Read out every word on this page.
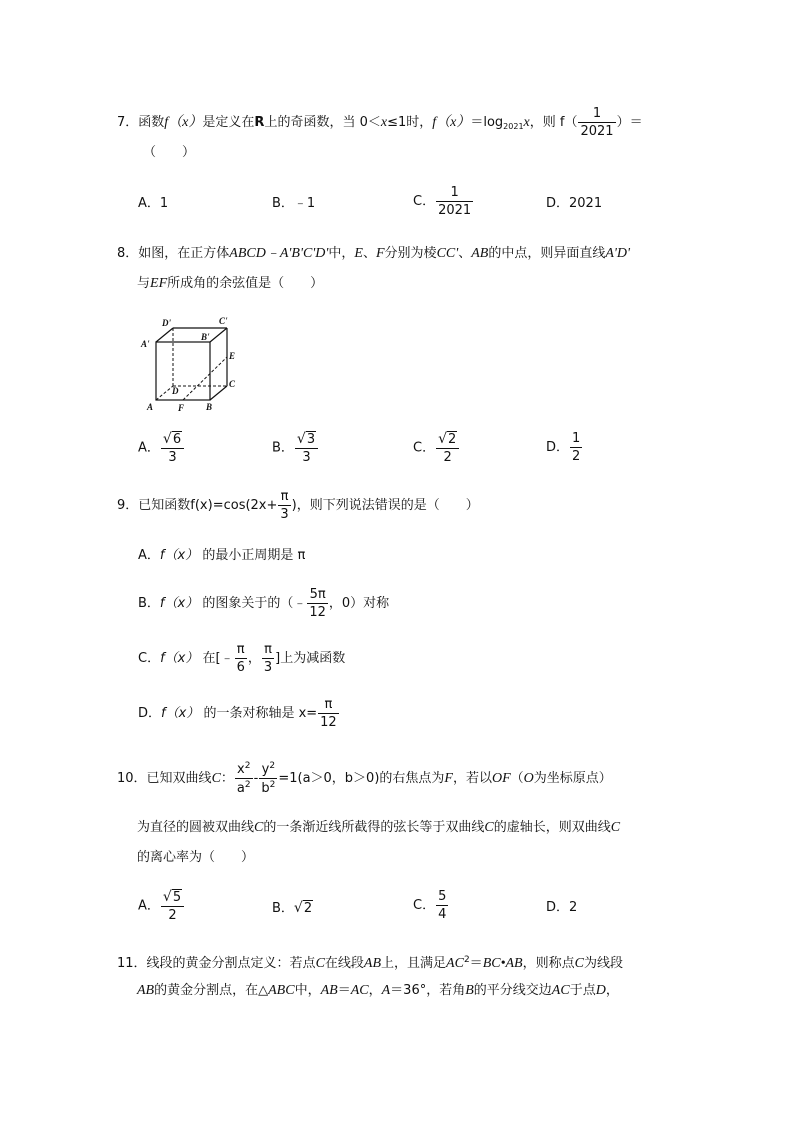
7．函数f（x）是定义在R上的奇函数，当 0＜x≤1时，$f(x)=\log_{2021}x$，则 $f( \frac{1}{2021}$ ）＝
（　　）
A．1	B．﹣1	C． $\frac{1}{2021}$	D．2021
8．如图，在正方体ABCD﹣A'B'C'D'中，E、F分别为棱CC'、AB的中点，则异面直线A'D'
与EF所成角的余弦值是（　　）
D'	C'
A'
B'
E
C
D
A	F B
A． $\frac{√6}{3}$	B． $\frac{√3}{3}$	C． $\frac{√2}{2}$	D． $\frac{1}{2}$
9．已知函数$f(x)=\cos(2x+ \frac{\pi}{3}$ )，则下列说法错误的是（　　）
A．f（x） 的最小正周期是 π
B．f（x） 的图象关于的（﹣ $\frac{5\pi}{12}$ ，0）对称
C．f（x） 在[﹣ $\frac{\pi}{6}$ ， $\frac{\pi}{3}$ ]上为减函数
D．f（x） 的一条对称轴是 $x= \frac{\pi}{12}$
10．已知双曲线C： $\frac{x^2}{a^2} - \frac{y^2}{b^2} =1(a>0$，b＞0)的右焦点为F，若以OF（O为坐标原点）
为直径的圆被双曲线C的一条渐近线所截得的弦长等于双曲线C的虚轴长，则双曲线C
的离心率为（　　）
A． $\frac{√5}{2}$	B．√2	C． $\frac{5}{4}$	D．2
11．线段的黄金分割点定义：若点C在线段AB上，且满足$AC^2=BC•AB$，则称点C为线段
AB的黄金分割点，在△ABC中，AB＝AC，A＝36°，若角B的平分线交边AC于点D，
